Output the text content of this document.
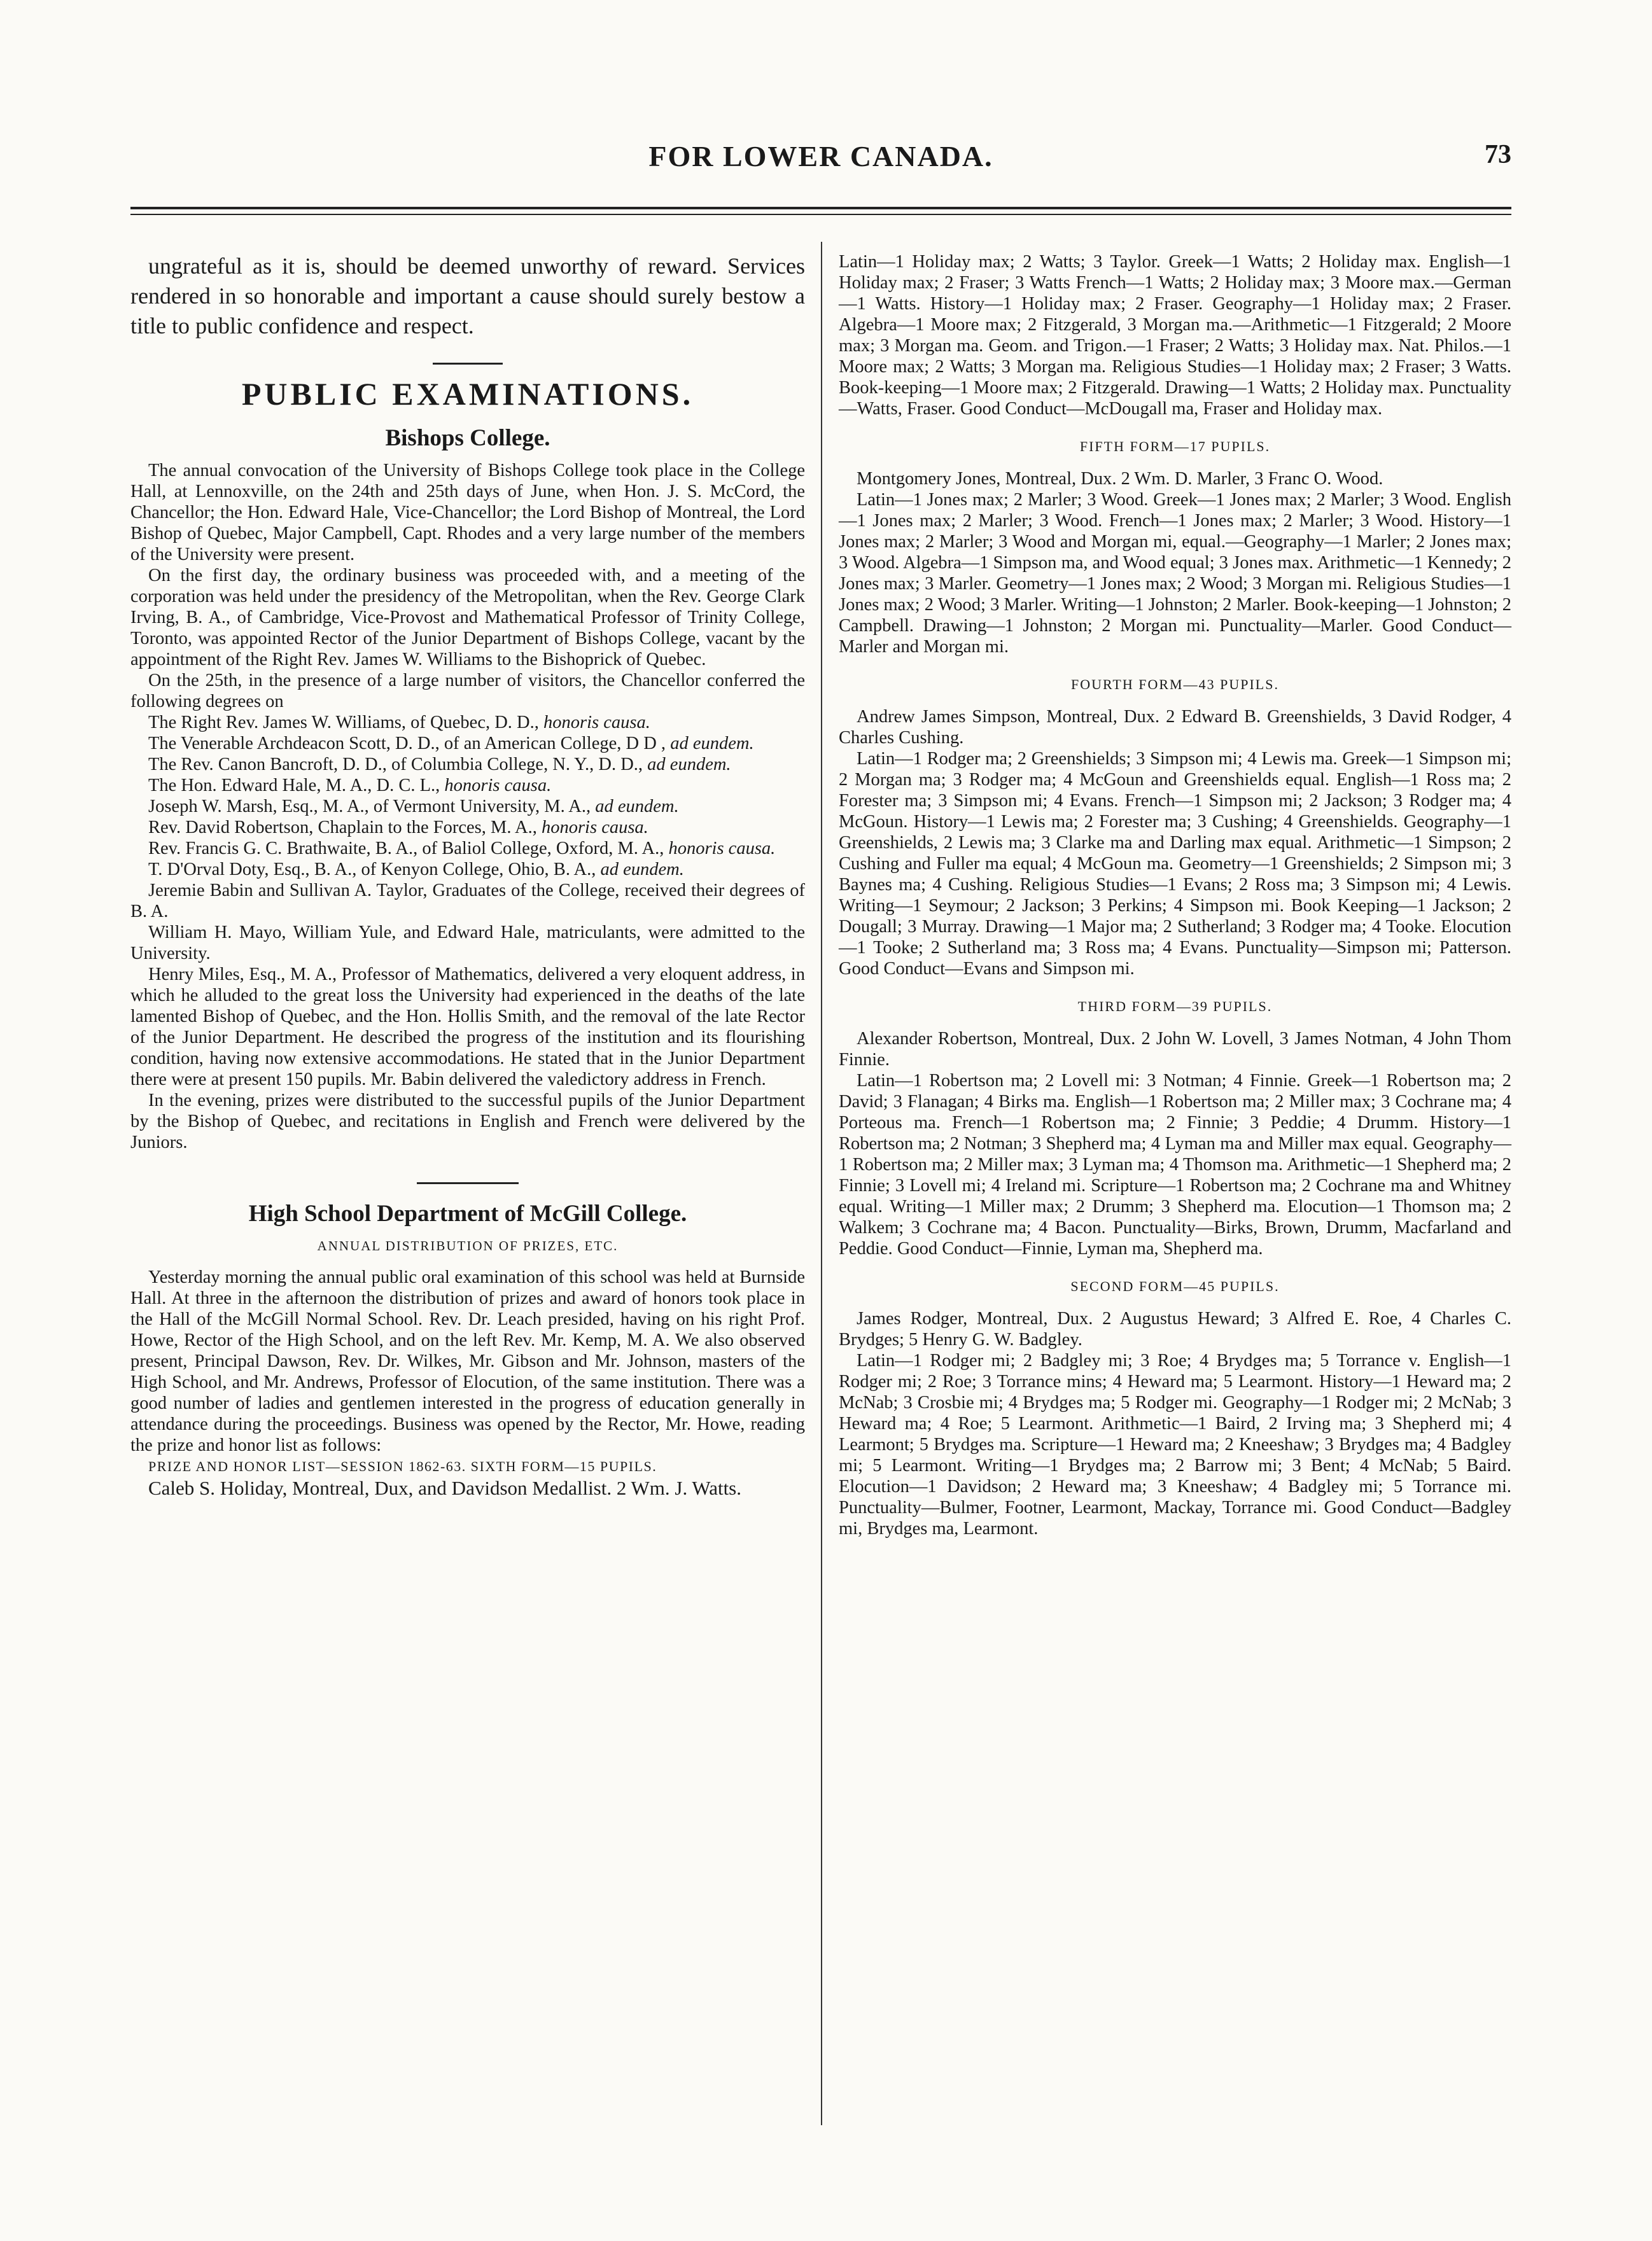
FOR LOWER CANADA.	73

ungrateful as it is, should be deemed unworthy of reward. Services rendered in so honorable and important a cause should surely bestow a title to public confidence and respect.

PUBLIC EXAMINATIONS.
Bishops College.

The annual convocation of the University of Bishops College took place in the College Hall, at Lennoxville, on the 24th and 25th days of June, when Hon. J. S. McCord, the Chancellor; the Hon. Edward Hale, Vice-Chancellor; the Lord Bishop of Montreal, the Lord Bishop of Quebec, Major Campbell, Capt. Rhodes and a very large number of the members of the University were present.

On the first day, the ordinary business was proceeded with, and a meeting of the corporation was held under the presidency of the Metropolitan, when the Rev. George Clark Irving, B. A., of Cambridge, Vice-Provost and Mathematical Professor of Trinity College, Toronto, was appointed Rector of the Junior Department of Bishops College, vacant by the appointment of the Right Rev. James W. Williams to the Bishoprick of Quebec.

On the 25th, in the presence of a large number of visitors, the Chancellor conferred the following degrees on

The Right Rev. James W. Williams, of Quebec, D. D., honoris causa.

The Venerable Archdeacon Scott, D. D., of an American College, D D , ad eundem.

The Rev. Canon Bancroft, D. D., of Columbia College, N. Y., D. D., ad eundem.

The Hon. Edward Hale, M. A., D. C. L., honoris causa.

Joseph W. Marsh, Esq., M. A., of Vermont University, M. A., ad eundem.

Rev. David Robertson, Chaplain to the Forces, M. A., honoris causa.

Rev. Francis G. C. Brathwaite, B. A., of Baliol College, Oxford, M. A., honoris causa.

T. D'Orval Doty, Esq., B. A., of Kenyon College, Ohio, B. A., ad eundem.

Jeremie Babin and Sullivan A. Taylor, Graduates of the College, received their degrees of B. A.

William H. Mayo, William Yule, and Edward Hale, matriculants, were admitted to the University.

Henry Miles, Esq., M. A., Professor of Mathematics, delivered a very eloquent address, in which he alluded to the great loss the University had experienced in the deaths of the late lamented Bishop of Quebec, and the Hon. Hollis Smith, and the removal of the late Rector of the Junior Department. He described the progress of the institution and its flourishing condition, having now extensive accommodations. He stated that in the Junior Department there were at present 150 pupils. Mr. Babin delivered the valedictory address in French.

In the evening, prizes were distributed to the successful pupils of the Junior Department by the Bishop of Quebec, and recitations in English and French were delivered by the Juniors.

High School Department of McGill College.
ANNUAL DISTRIBUTION OF PRIZES, ETC.

Yesterday morning the annual public oral examination of this school was held at Burnside Hall. At three in the afternoon the distribution of prizes and award of honors took place in the Hall of the McGill Normal School. Rev. Dr. Leach presided, having on his right Prof. Howe, Rector of the High School, and on the left Rev. Mr. Kemp, M. A. We also observed present, Principal Dawson, Rev. Dr. Wilkes, Mr. Gibson and Mr. Johnson, masters of the High School, and Mr. Andrews, Professor of Elocution, of the same institution. There was a good number of ladies and gentlemen interested in the progress of education generally in attendance during the proceedings. Business was opened by the Rector, Mr. Howe, reading the prize and honor list as follows:

PRIZE AND HONOR LIST—SESSION 1862-63. SIXTH FORM—15 PUPILS.

Caleb S. Holiday, Montreal, Dux, and Davidson Medallist. 2 Wm. J. Watts.

Latin—1 Holiday max; 2 Watts; 3 Taylor. Greek—1 Watts; 2 Holiday max. English—1 Holiday max; 2 Fraser; 3 Watts French—1 Watts; 2 Holiday max; 3 Moore max.—German—1 Watts. History—1 Holiday max; 2 Fraser. Geography—1 Holiday max; 2 Fraser. Algebra—1 Moore max; 2 Fitzgerald, 3 Morgan ma.—Arithmetic—1 Fitzgerald; 2 Moore max; 3 Morgan ma. Geom. and Trigon.—1 Fraser; 2 Watts; 3 Holiday max. Nat. Philos.—1 Moore max; 2 Watts; 3 Morgan ma. Religious Studies—1 Holiday max; 2 Fraser; 3 Watts. Book-keeping—1 Moore max; 2 Fitzgerald. Drawing—1 Watts; 2 Holiday max. Punctuality—Watts, Fraser. Good Conduct—McDougall ma, Fraser and Holiday max.

FIFTH FORM—17 PUPILS.

Montgomery Jones, Montreal, Dux. 2 Wm. D. Marler, 3 Franc O. Wood.

Latin—1 Jones max; 2 Marler; 3 Wood. Greek—1 Jones max; 2 Marler; 3 Wood. English—1 Jones max; 2 Marler; 3 Wood. French—1 Jones max; 2 Marler; 3 Wood. History—1 Jones max; 2 Marler; 3 Wood and Morgan mi, equal.—Geography—1 Marler; 2 Jones max; 3 Wood. Algebra—1 Simpson ma, and Wood equal; 3 Jones max. Arithmetic—1 Kennedy; 2 Jones max; 3 Marler. Geometry—1 Jones max; 2 Wood; 3 Morgan mi. Religious Studies—1 Jones max; 2 Wood; 3 Marler. Writing—1 Johnston; 2 Marler. Book-keeping—1 Johnston; 2 Campbell. Drawing—1 Johnston; 2 Morgan mi. Punctuality—Marler. Good Conduct—Marler and Morgan mi.

FOURTH FORM—43 PUPILS.

Andrew James Simpson, Montreal, Dux. 2 Edward B. Greenshields, 3 David Rodger, 4 Charles Cushing.

Latin—1 Rodger ma; 2 Greenshields; 3 Simpson mi; 4 Lewis ma. Greek—1 Simpson mi; 2 Morgan ma; 3 Rodger ma; 4 McGoun and Greenshields equal. English—1 Ross ma; 2 Forester ma; 3 Simpson mi; 4 Evans. French—1 Simpson mi; 2 Jackson; 3 Rodger ma; 4 McGoun. History—1 Lewis ma; 2 Forester ma; 3 Cushing; 4 Greenshields. Geography—1 Greenshields, 2 Lewis ma; 3 Clarke ma and Darling max equal. Arithmetic—1 Simpson; 2 Cushing and Fuller ma equal; 4 McGoun ma. Geometry—1 Greenshields; 2 Simpson mi; 3 Baynes ma; 4 Cushing. Religious Studies—1 Evans; 2 Ross ma; 3 Simpson mi; 4 Lewis. Writing—1 Seymour; 2 Jackson; 3 Perkins; 4 Simpson mi. Book Keeping—1 Jackson; 2 Dougall; 3 Murray. Drawing—1 Major ma; 2 Sutherland; 3 Rodger ma; 4 Tooke. Elocution—1 Tooke; 2 Sutherland ma; 3 Ross ma; 4 Evans. Punctuality—Simpson mi; Patterson. Good Conduct—Evans and Simpson mi.

THIRD FORM—39 PUPILS.

Alexander Robertson, Montreal, Dux. 2 John W. Lovell, 3 James Notman, 4 John Thom Finnie.

Latin—1 Robertson ma; 2 Lovell mi: 3 Notman; 4 Finnie. Greek—1 Robertson ma; 2 David; 3 Flanagan; 4 Birks ma. English—1 Robertson ma; 2 Miller max; 3 Cochrane ma; 4 Porteous ma. French—1 Robertson ma; 2 Finnie; 3 Peddie; 4 Drumm. History—1 Robertson ma; 2 Notman; 3 Shepherd ma; 4 Lyman ma and Miller max equal. Geography—1 Robertson ma; 2 Miller max; 3 Lyman ma; 4 Thomson ma. Arithmetic—1 Shepherd ma; 2 Finnie; 3 Lovell mi; 4 Ireland mi. Scripture—1 Robertson ma; 2 Cochrane ma and Whitney equal. Writing—1 Miller max; 2 Drumm; 3 Shepherd ma. Elocution—1 Thomson ma; 2 Walkem; 3 Cochrane ma; 4 Bacon. Punctuality—Birks, Brown, Drumm, Macfarland and Peddie. Good Conduct—Finnie, Lyman ma, Shepherd ma.

SECOND FORM—45 PUPILS.

James Rodger, Montreal, Dux. 2 Augustus Heward; 3 Alfred E. Roe, 4 Charles C. Brydges; 5 Henry G. W. Badgley.

Latin—1 Rodger mi; 2 Badgley mi; 3 Roe; 4 Brydges ma; 5 Torrance v. English—1 Rodger mi; 2 Roe; 3 Torrance mins; 4 Heward ma; 5 Learmont. History—1 Heward ma; 2 McNab; 3 Crosbie mi; 4 Brydges ma; 5 Rodger mi. Geography—1 Rodger mi; 2 McNab; 3 Heward ma; 4 Roe; 5 Learmont. Arithmetic—1 Baird, 2 Irving ma; 3 Shepherd mi; 4 Learmont; 5 Brydges ma. Scripture—1 Heward ma; 2 Kneeshaw; 3 Brydges ma; 4 Badgley mi; 5 Learmont. Writing—1 Brydges ma; 2 Barrow mi; 3 Bent; 4 McNab; 5 Baird. Elocution—1 Davidson; 2 Heward ma; 3 Kneeshaw; 4 Badgley mi; 5 Torrance mi. Punctuality—Bulmer, Footner, Learmont, Mackay, Torrance mi. Good Conduct—Badgley mi, Brydges ma, Learmont.
